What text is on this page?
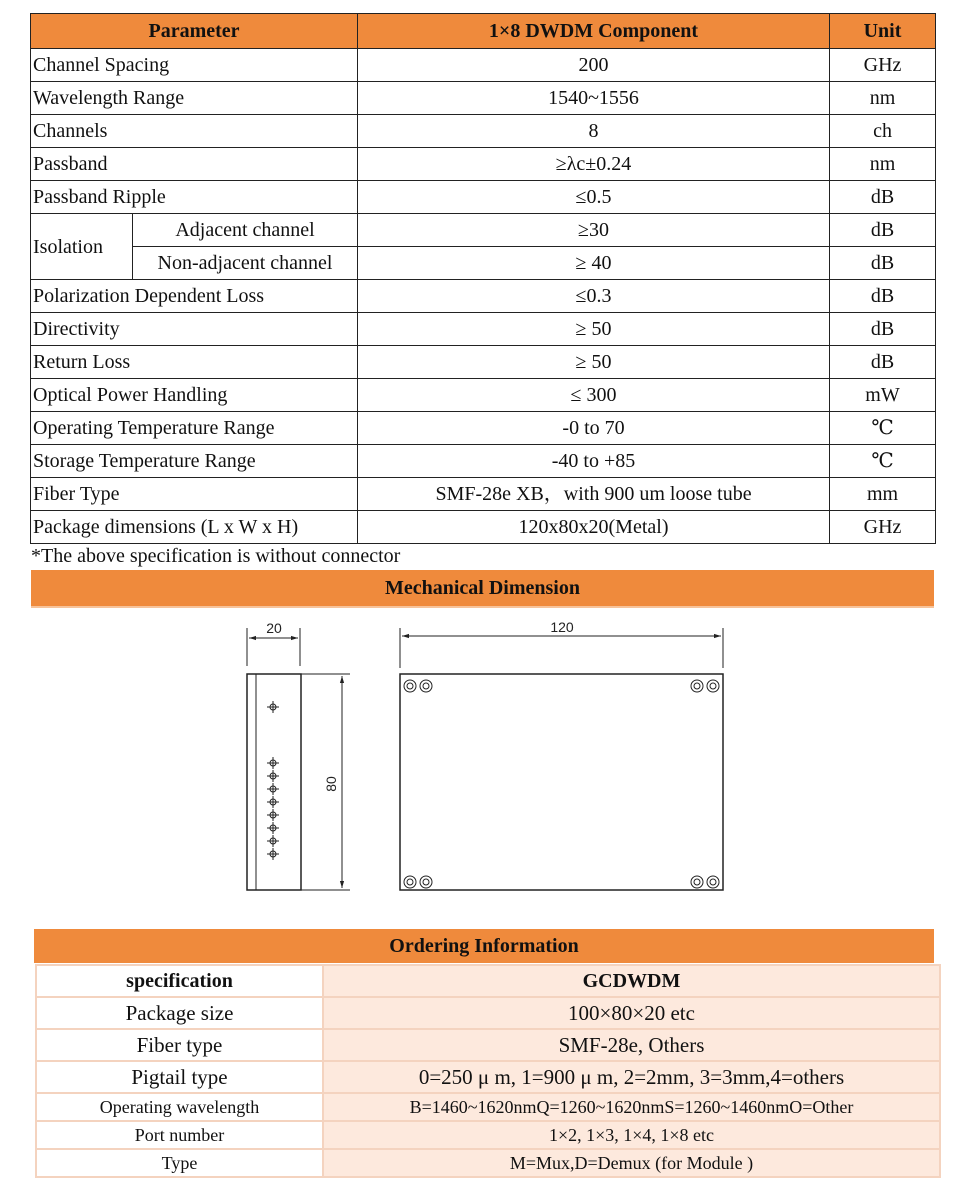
Parameter		1×8 DWDM Component	Unit
Channel Spacing		200	GHz
Wavelength Range		1540~1556	nm
Channels		8	ch
Passband		≥λc±0.24	nm
Passband Ripple		≤0.5	dB
Isolation	Adjacent channel	≥30	dB
	Non-adjacent channel	≥ 40	dB
Polarization Dependent Loss		≤0.3	dB
Directivity		≥ 50	dB
Return Loss		≥ 50	dB
Optical Power Handling		≤ 300	mW
Operating Temperature Range		-0 to 70	℃
Storage Temperature Range		-40 to +85	℃
Fiber Type		SMF-28e XB，with 900 um loose tube	mm
Package dimensions (L x W x H)		120x80x20(Metal)	GHz
*The above specification is without connector
Mechanical Dimension
20
80
120
Ordering Information
specification	GCDWDM
Package size	100×80×20 etc
Fiber type	SMF-28e, Others
Pigtail type	0=250 μ m, 1=900 μ m, 2=2mm, 3=3mm,4=others
Operating wavelength	B=1460~1620nmQ=1260~1620nmS=1260~1460nmO=Other
Port number	1×2, 1×3, 1×4, 1×8 etc
Type	M=Mux,D=Demux (for Module )
